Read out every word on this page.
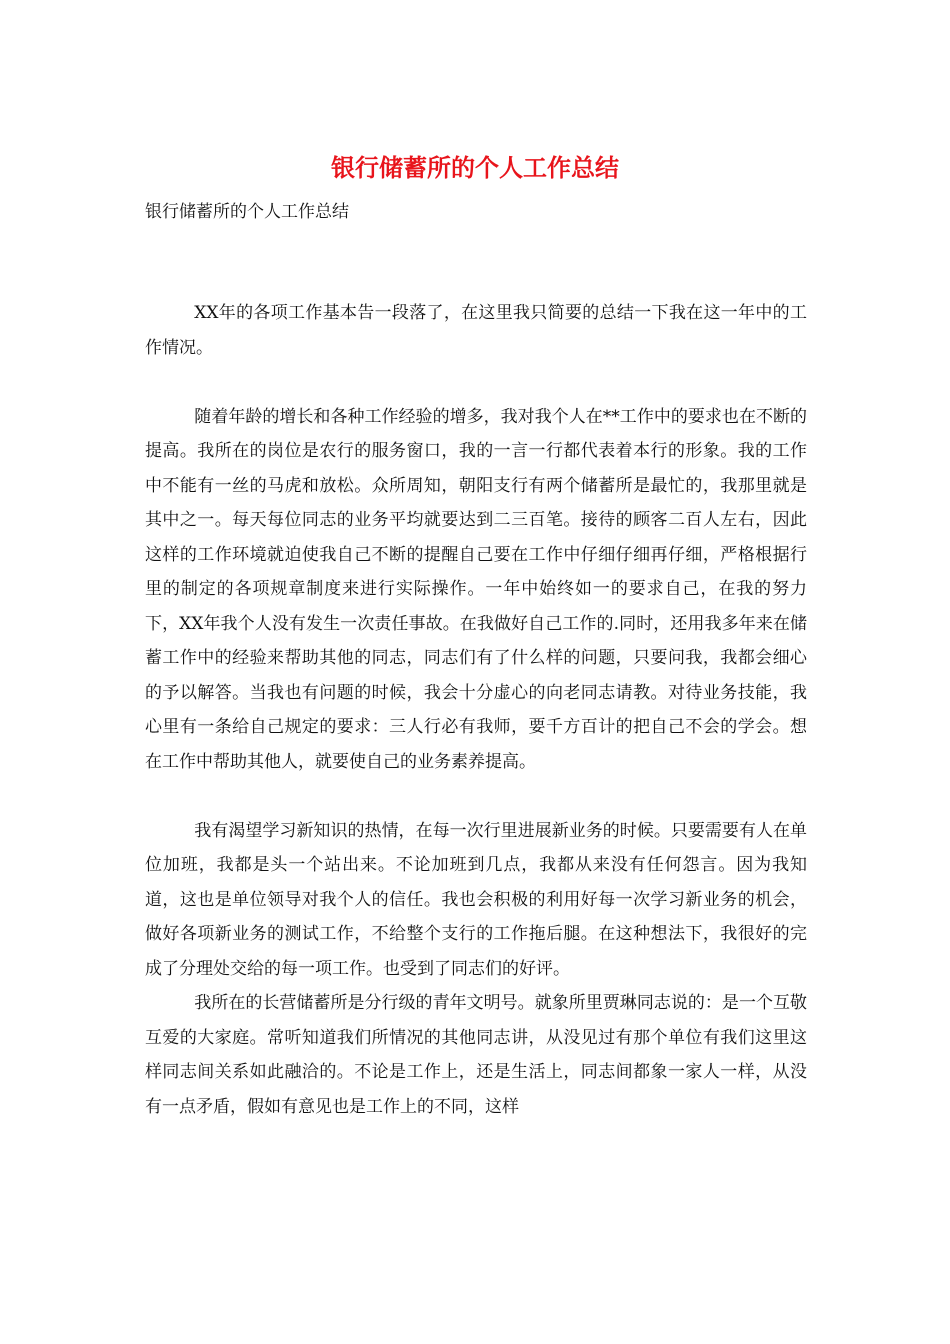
银行储蓄所的个人工作总结

银行储蓄所的个人工作总结

XX年的各项工作基本告一段落了，在这里我只简要的总结一下我在这一年中的工作情况。

随着年龄的增长和各种工作经验的增多，我对我个人在**工作中的要求也在不断的提高。我所在的岗位是农行的服务窗口，我的一言一行都代表着本行的形象。我的工作中不能有一丝的马虎和放松。众所周知，朝阳支行有两个储蓄所是最忙的，我那里就是其中之一。每天每位同志的业务平均就要达到二三百笔。接待的顾客二百人左右，因此这样的工作环境就迫使我自己不断的提醒自己要在工作中仔细仔细再仔细，严格根据行里的制定的各项规章制度来进行实际操作。一年中始终如一的要求自己，在我的努力下，XX年我个人没有发生一次责任事故。在我做好自己工作的.同时，还用我多年来在储蓄工作中的经验来帮助其他的同志，同志们有了什么样的问题，只要问我，我都会细心的予以解答。当我也有问题的时候，我会十分虚心的向老同志请教。对待业务技能，我心里有一条给自己规定的要求：三人行必有我师，要千方百计的把自己不会的学会。想在工作中帮助其他人，就要使自己的业务素养提高。

我有渴望学习新知识的热情，在每一次行里进展新业务的时候。只要需要有人在单位加班，我都是头一个站出来。不论加班到几点，我都从来没有任何怨言。因为我知道，这也是单位领导对我个人的信任。我也会积极的利用好每一次学习新业务的机会，做好各项新业务的测试工作，不给整个支行的工作拖后腿。在这种想法下，我很好的完成了分理处交给的每一项工作。也受到了同志们的好评。

我所在的长营储蓄所是分行级的青年文明号。就象所里贾琳同志说的：是一个互敬互爱的大家庭。常听知道我们所情况的其他同志讲，从没见过有那个单位有我们这里这样同志间关系如此融洽的。不论是工作上，还是生活上，同志间都象一家人一样，从没有一点矛盾，假如有意见也是工作上的不同，这样
